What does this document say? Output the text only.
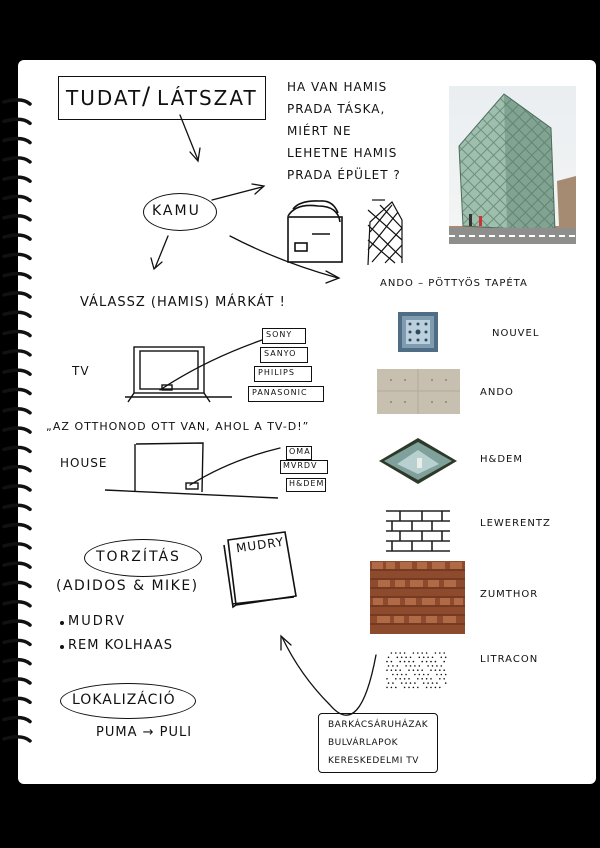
TUDAT / LÁTSZAT HA VAN HAMIS
PRADA TÁSKA,
MIÉRT NE
LEHETNE HAMIS
PRADA ÉPÜLET ?
KAMU
VÁLASSZ (HAMIS) MÁRKÁT !
TV
SONY
SANYO
PHILIPS
PANASONIC
„AZ OTTHONOD OTT VAN, AHOL A TV-D!”
HOUSE
OMA
MVRDV
H&DEM
TORZÍTÁS
(ADIDOS & MIKE)
MUDRV
REM KOLHAAS
MUDRY
LOKALIZÁCIÓ
PUMA → PULI
ANDO – PÖTTYÖS TAPÉTA
NOUVEL
ANDO
H&DEM
LEWERENTZ
ZUMTHOR
LITRACON
BARKÁCSÁRUHÁZAK
BULVÁRLAPOK
KERESKEDELMI TV
